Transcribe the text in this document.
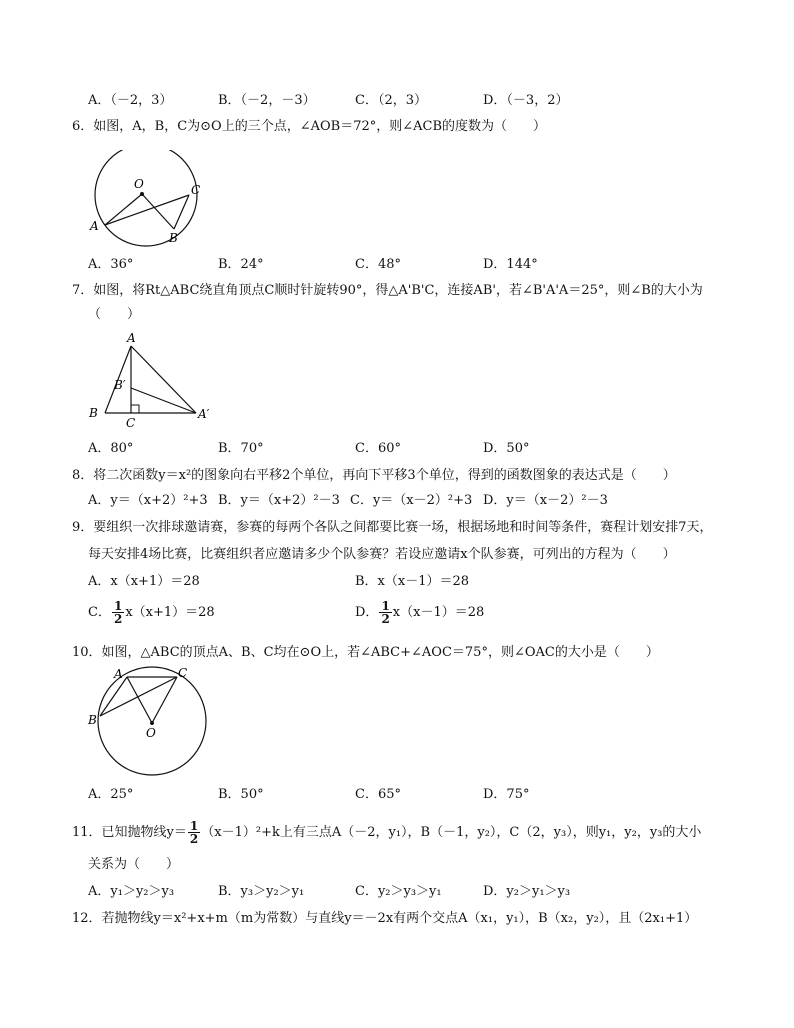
A．（－2，3）	B．（－2，－3）	C．（2，3）	D．（－3，2）
6．如图，A，B，C为⊙O上的三个点，∠AOB＝72°，则∠ACB的度数为（　　）
O
A
B
C
A．36°	B．24°	C．48°	D．144°
7．如图，将Rt△ABC绕直角顶点C顺时针旋转90°，得△A'B'C，连接AB'，若∠B'A'A＝25°，则∠B的大小为
（　　）
A
B
C
B′
A′
A．80°	B．70°	C．60°	D．50°
8．将二次函数y＝x²的图象向右平移2个单位，再向下平移3个单位，得到的函数图象的表达式是（　　）
A．y＝（x+2）²+3 B．y＝（x+2）²－3 C．y＝（x－2）²+3 D．y＝（x－2）²－3
9．要组织一次排球邀请赛，参赛的每两个各队之间都要比赛一场，根据场地和时间等条件，赛程计划安排7天，
每天安排4场比赛，比赛组织者应邀请多少个队参赛？若设应邀请x个队参赛，可列出的方程为（　　）
A．x（x+1）＝28	B．x（x－1）＝28
C． $\frac{1}{2} x(x+1)=28$	D． $\frac{1}{2} x(x-1)=28$
10．如图，△ABC的顶点A、B、C均在⊙O上，若∠ABC+∠AOC＝75°，则∠OAC的大小是（　　）
A
B
C
O
A．25°	B．50°	C．65°	D．75°
11．已知抛物线$y= \frac{1}{2} (x-1)^2+k$上有三点A（－2，y₁），B（－1，y₂），C（2，y₃），则y₁，y₂，y₃的大小
关系为（　　）
A．y₁＞y₂＞y₃	B．y₃＞y₂＞y₁	C．y₂＞y₃＞y₁	D．y₂＞y₁＞y₃
12．若抛物线y＝x²+x+m（m为常数）与直线y＝－2x有两个交点A（x₁，y₁），B（x₂，y₂），且（2x₁+1）
